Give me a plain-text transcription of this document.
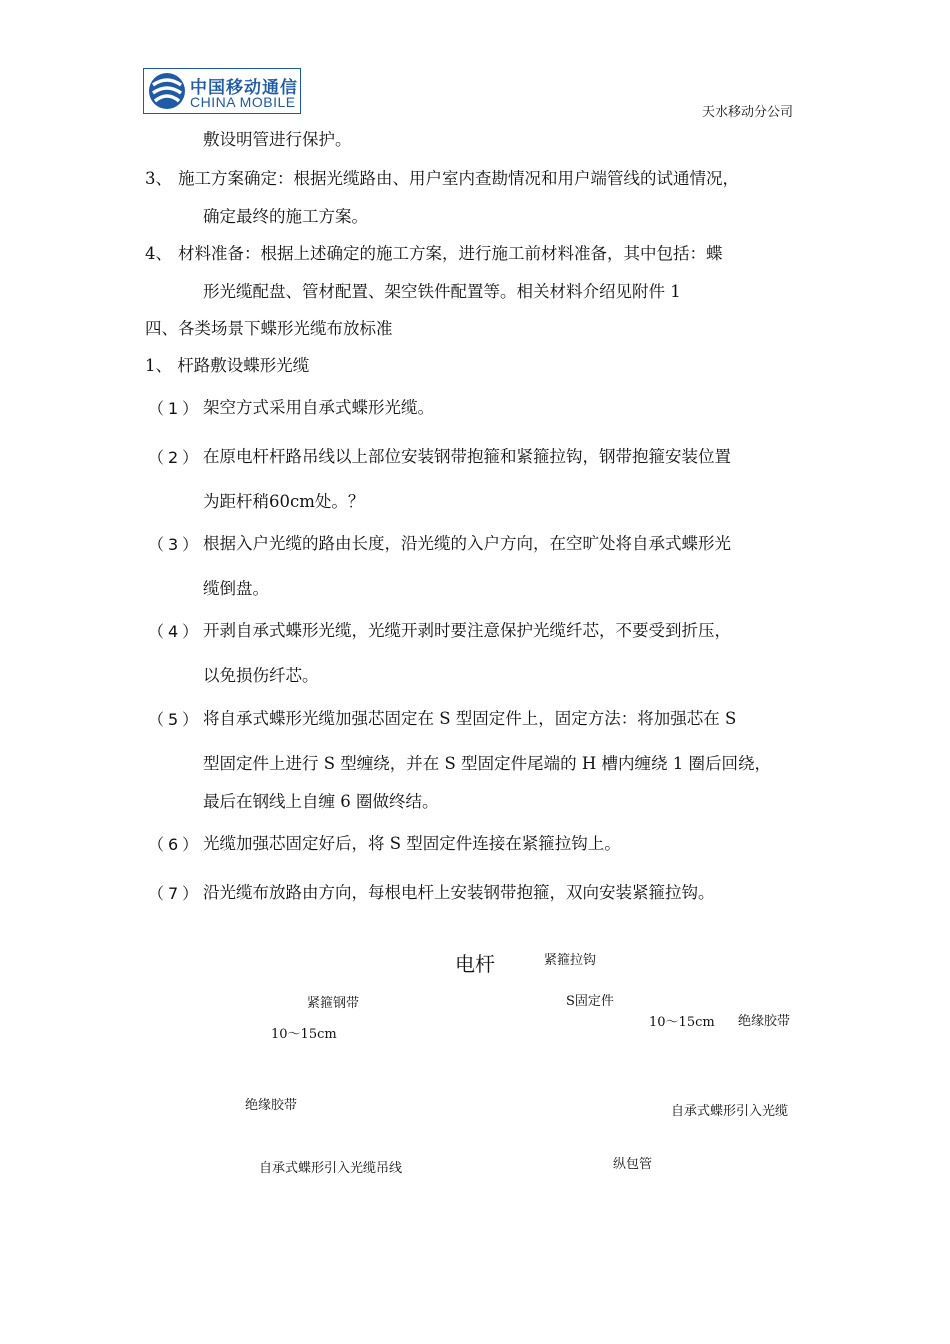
中国移动通信
CHINA MOBILE
天水移动分公司
敷设明管进行保护。
3、 施工方案确定：根据光缆路由、用户室内查勘情况和用户端管线的试通情况，
确定最终的施工方案。
4、 材料准备：根据上述确定的施工方案，进行施工前材料准备，其中包括：蝶
形光缆配盘、管材配置、架空铁件配置等。相关材料介绍见附件 1
四、各类场景下蝶形光缆布放标准
1、 杆路敷设蝶形光缆
（1） 架空方式采用自承式蝶形光缆。
（2） 在原电杆杆路吊线以上部位安装钢带抱箍和紧箍拉钩，钢带抱箍安装位置
为距杆稍60cm处。？
（3） 根据入户光缆的路由长度，沿光缆的入户方向，在空旷处将自承式蝶形光
缆倒盘。
（4） 开剥自承式蝶形光缆，光缆开剥时要注意保护光缆纤芯，不要受到折压，
以免损伤纤芯。
（5） 将自承式蝶形光缆加强芯固定在 S 型固定件上，固定方法：将加强芯在 S
型固定件上进行 S 型缠绕，并在 S 型固定件尾端的 H 槽内缠绕 1 圈后回绕，
最后在钢线上自缠 6 圈做终结。
（6） 光缆加强芯固定好后，将 S 型固定件连接在紧箍拉钩上。
（7） 沿光缆布放路由方向，每根电杆上安装钢带抱箍，双向安装紧箍拉钩。
电杆	紧箍拉钩
紧箍钢带	S固定件
10～15cm
10～15cm 绝缘胶带
绝缘胶带	自承式蝶形引入光缆
自承式蝶形引入光缆吊线	纵包管
